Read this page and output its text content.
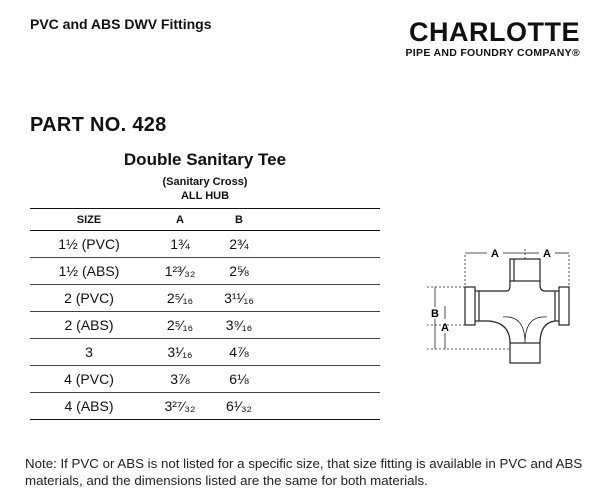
PVC and ABS DWV Fittings	CHARLOTTE
PIPE AND FOUNDRY COMPANY®
PART NO. 428
Double Sanitary Tee
(Sanitary Cross)
ALL HUB
SIZE	A	B	
1½ (PVC)	1¾	2¾	
1½ (ABS)	1²³⁄₃₂	2⅝	
2 (PVC)	2⁵⁄₁₆	3¹¹⁄₁₆	
2 (ABS)	2⁵⁄₁₆	3⁹⁄₁₆	
3	3¹⁄₁₆	4⅞	
4 (PVC)	3⅞	6⅛	
4 (ABS)	3²⁷⁄₃₂	6¹⁄₃₂	
A	A
B
A
Note: If PVC or ABS is not listed for a specific size, that size fitting is available in PVC and ABS materials, and the dimensions listed are the same for both materials.
